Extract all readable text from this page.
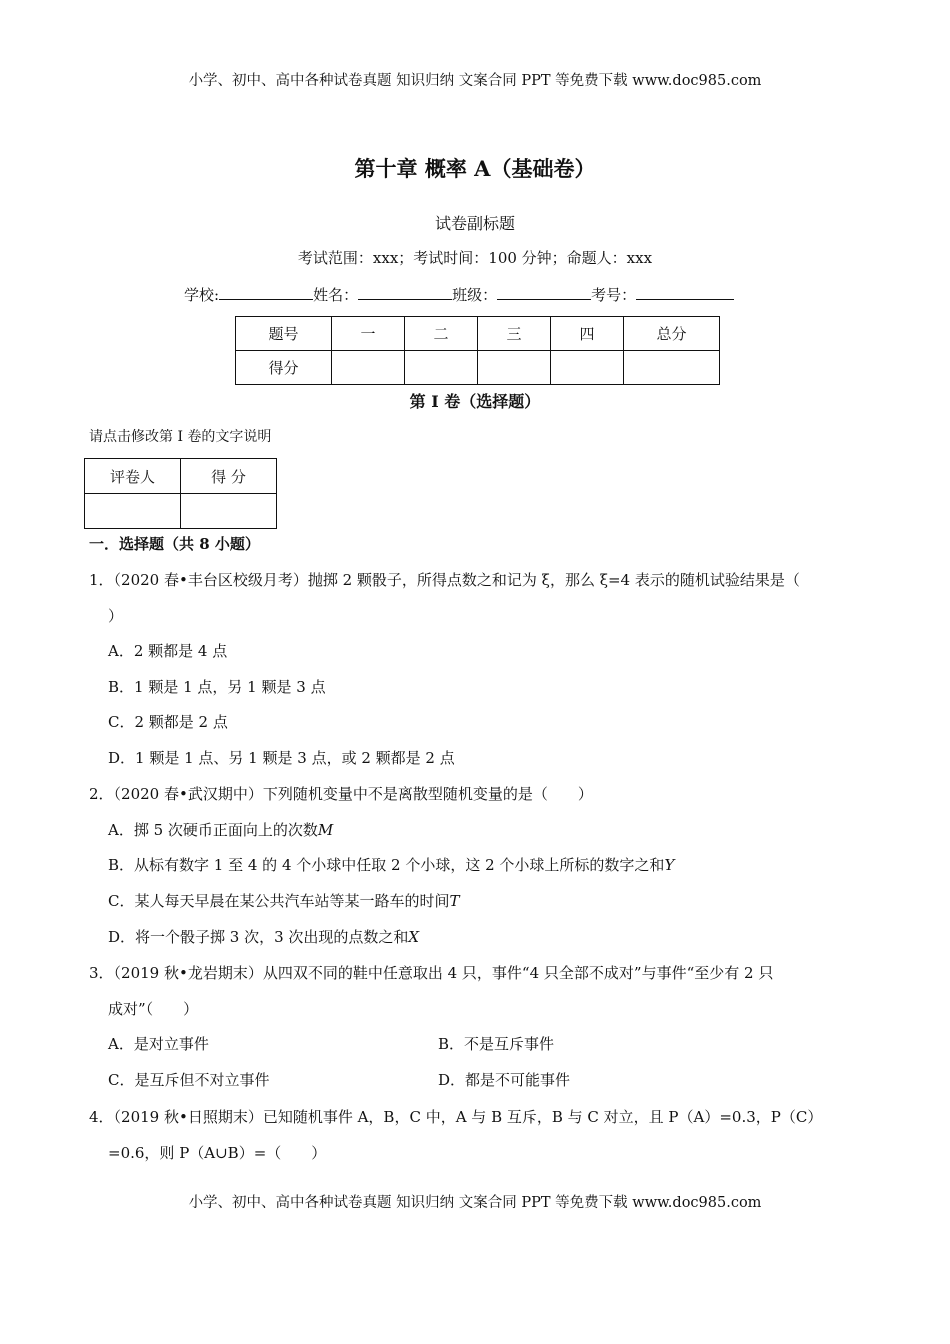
小学、初中、高中各种试卷真题 知识归纳 文案合同 PPT 等免费下载 www.doc985.com
第十章 概率 A（基础卷）
试卷副标题
考试范围：xxx；考试时间：100 分钟；命题人：xxx
学校:	姓名：	班级：	考号：
题号	一	二	三	四	总分
得分					
第 I 卷（选择题）
请点击修改第 I 卷的文字说明
评卷人	得 分

一．选择题（共 8 小题）
1．（2020 春•丰台区校级月考）抛掷 2 颗骰子，所得点数之和记为 ξ，那么 ξ=4 表示的随机试验结果是（
）
A．2 颗都是 4 点
B．1 颗是 1 点，另 1 颗是 3 点
C．2 颗都是 2 点
D．1 颗是 1 点、另 1 颗是 3 点，或 2 颗都是 2 点
2．（2020 春•武汉期中）下列随机变量中不是离散型随机变量的是（　　）
A．掷 5 次硬币正面向上的次数M
B．从标有数字 1 至 4 的 4 个小球中任取 2 个小球，这 2 个小球上所标的数字之和Y
C．某人每天早晨在某公共汽车站等某一路车的时间T
D．将一个骰子掷 3 次，3 次出现的点数之和X
3．（2019 秋•龙岩期末）从四双不同的鞋中任意取出 4 只，事件“4 只全部不成对”与事件“至少有 2 只
成对”（　　）
A．是对立事件	B．不是互斥事件
C．是互斥但不对立事件	D．都是不可能事件
4．（2019 秋•日照期末）已知随机事件 A，B，C 中，A 与 B 互斥，B 与 C 对立，且 P（A）=0.3，P（C）
=0.6，则 P（A∪B）=（　　）
小学、初中、高中各种试卷真题 知识归纳 文案合同 PPT 等免费下载 www.doc985.com
